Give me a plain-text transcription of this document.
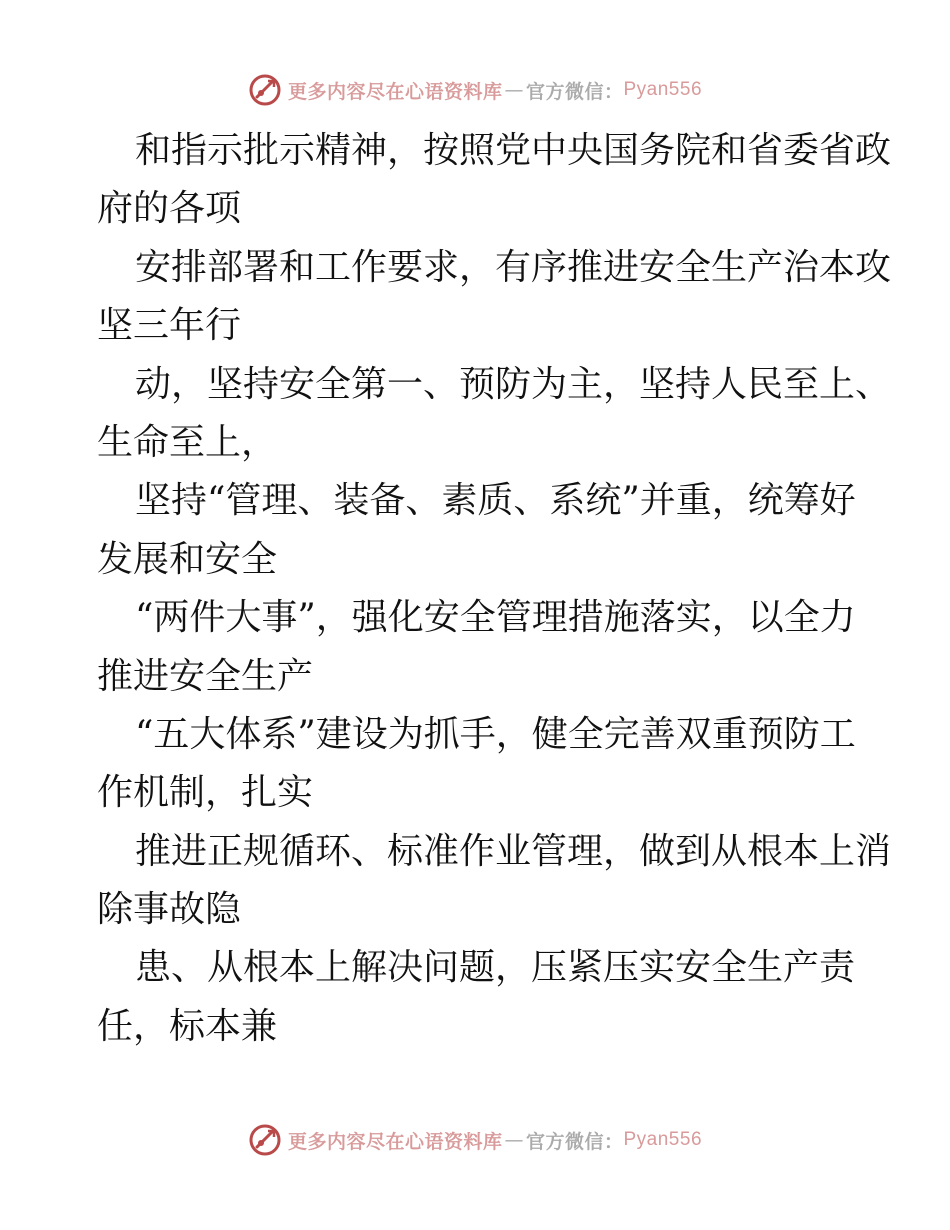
更多内容尽在心语资料库 — 官方微信： Pyan556
和指示批示精神，按照党中央国务院和省委省政
府的各项
安排部署和工作要求，有序推进安全生产治本攻
坚三年行
动，坚持安全第一、预防为主，坚持人民至上、
生命至上，
坚持“管理、装备、素质、系统”并重，统筹好
发展和安全
“两件大事”，强化安全管理措施落实，以全力
推进安全生产
“五大体系”建设为抓手，健全完善双重预防工
作机制，扎实
推进正规循环、标准作业管理，做到从根本上消
除事故隐
患、从根本上解决问题，压紧压实安全生产责
任，标本兼
更多内容尽在心语资料库 — 官方微信： Pyan556
